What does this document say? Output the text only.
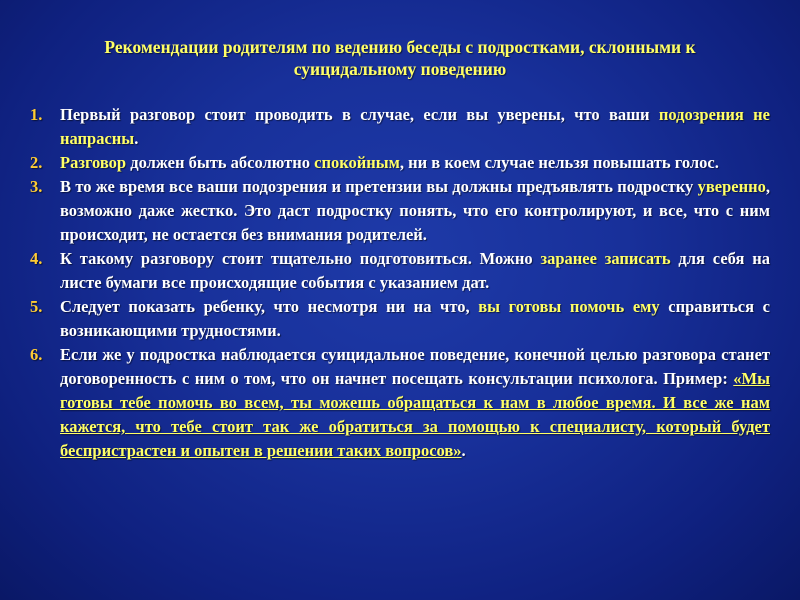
Рекомендации родителям по ведению беседы с подростками, склонными к суицидальному поведению
1. Первый разговор стоит проводить в случае, если вы уверены, что ваши подозрения не напрасны.
2. Разговор должен быть абсолютно спокойным, ни в коем случае нельзя повышать голос.
3. В то же время все ваши подозрения и претензии вы должны предъявлять подростку уверенно, возможно даже жестко. Это даст подростку понять, что его контролируют, и все, что с ним происходит, не остается без внимания родителей.
4. К такому разговору стоит тщательно подготовиться. Можно заранее записать для себя на листе бумаги все происходящие события с указанием дат.
5. Следует показать ребенку, что несмотря ни на что, вы готовы помочь ему справиться с возникающими трудностями.
6. Если же у подростка наблюдается суицидальное поведение, конечной целью разговора станет договоренность с ним о том, что он начнет посещать консультации психолога. Пример: «Мы готовы тебе помочь во всем, ты можешь обращаться к нам в любое время. И все же нам кажется, что тебе стоит так же обратиться за помощью к специалисту, который будет беспристрастен и опытен в решении таких вопросов».
